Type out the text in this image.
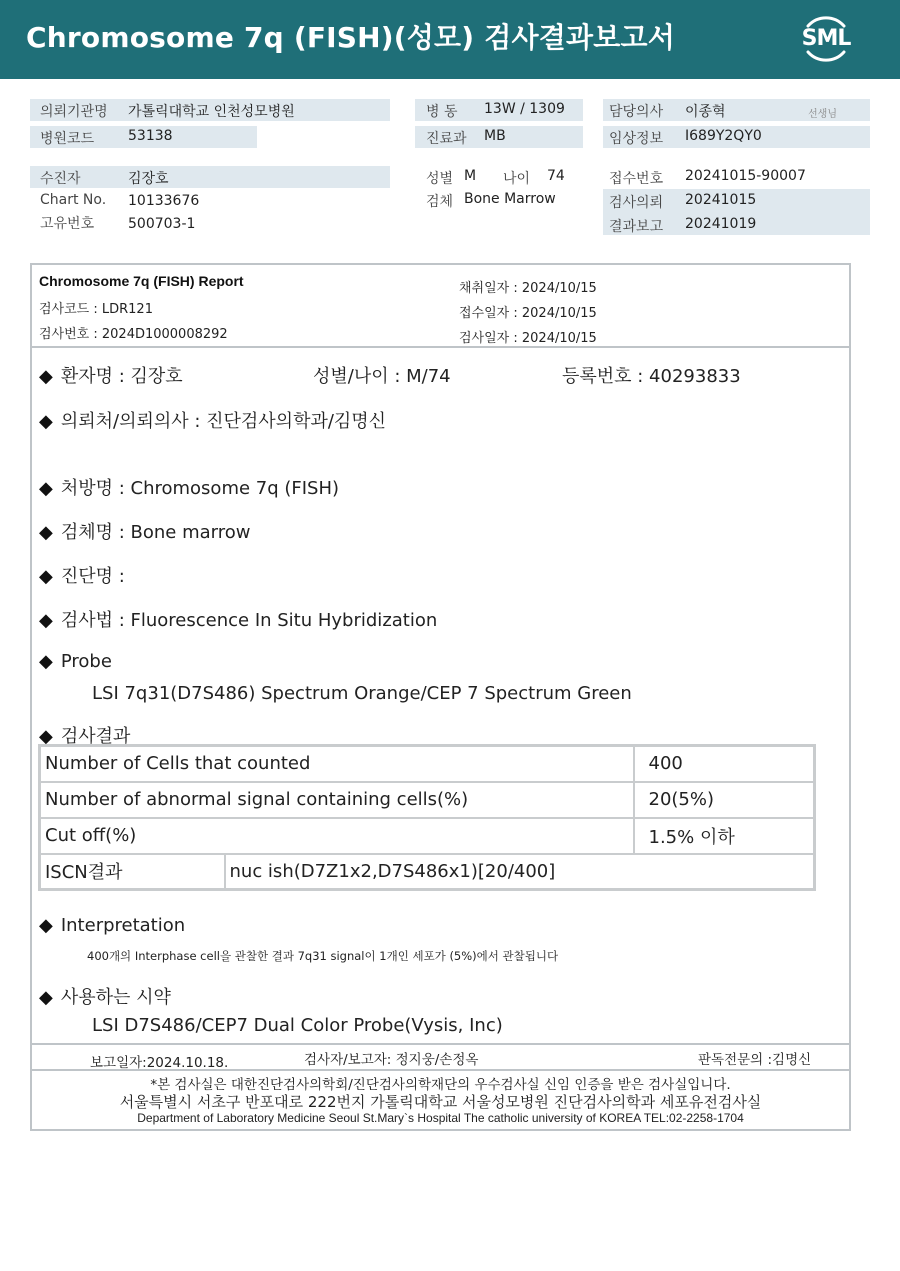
Chromosome 7q (FISH)(성모) 검사결과보고서	SML
의뢰기관명 가톨릭대학교 인천성모병원
병원코드 53138
수진자	김장호
Chart No. 10133676
고유번호 500703-1
병 동 13W / 1309
진료과 MB
성별 M 나이 74
검체 Bone Marrow
담당의사 이종혁	선생님
임상정보 I689Y2QY0
접수번호 20241015-90007
검사의뢰 20241015
결과보고 20241019
Chromosome 7q (FISH) Report
검사코드 : LDR121
검사번호 : 2024D1000008292
채취일자 : 2024/10/15
접수일자 : 2024/10/15
검사일자 : 2024/10/15
◆ 환자명 : 김장호	성별/나이 : M/74	등록번호 : 40293833
◆ 의뢰처/의뢰의사 : 진단검사의학과/김명신
◆ 처방명 : Chromosome 7q (FISH)
◆ 검체명 : Bone marrow
◆ 진단명 :
◆ 검사법 : Fluorescence In Situ Hybridization
◆ Probe
LSI 7q31(D7S486) Spectrum Orange/CEP 7 Spectrum Green
◆ 검사결과
Number of Cells that counted		400
Number of abnormal signal containing cells(%)		20(5%)
Cut off(%)		1.5% 이하
ISCN결과	nuc ish(D7Z1x2,D7S486x1)[20/400]	
◆ Interpretation
400개의 Interphase cell을 관찰한 결과 7q31 signal이 1개인 세포가 (5%)에서 관찰됩니다
◆ 사용하는 시약
LSI D7S486/CEP7 Dual Color Probe(Vysis, Inc)
보고일자:2024.10.18.	검사자/보고자: 정지웅/손정옥	판독전문의 :김명신
*본 검사실은 대한진단검사의학회/진단검사의학재단의 우수검사실 신임 인증을 받은 검사실입니다.
서울특별시 서초구 반포대로 222번지 가톨릭대학교 서울성모병원 진단검사의학과 세포유전검사실
Department of Laboratory Medicine Seoul St.Mary`s Hospital The catholic university of KOREA TEL:02-2258-1704
